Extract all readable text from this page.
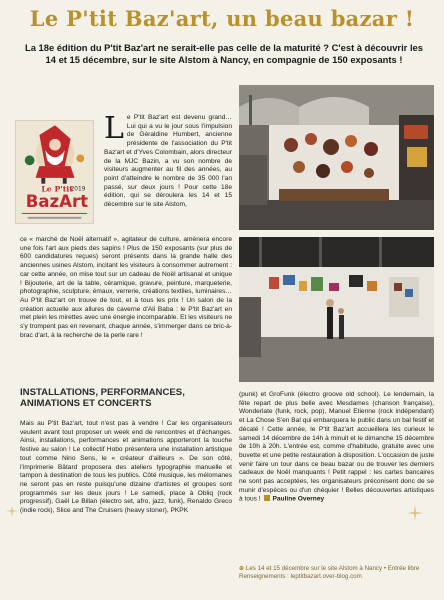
Le P'tit Baz'art, un beau bazar !

La 18e édition du P'tit Baz'art ne serait-elle pas celle de la maturité ? C'est à découvrir les 14 et 15 décembre, sur le site Alstom à Nancy, en compagnie de 150 exposants !

Le P'tit
BazArt
2019
Le P'tit Baz'art est devenu grand… Lui qui a vu le jour sous l'impulsion de Géraldine Humbert, ancienne présidente de l'association du P'tit Baz'art et d'Yves Colombain, alors directeur de la MJC Bazin, a vu son nombre de visiteurs augmenter au fil des années, au point d'atteindre le nombre de 35 000 l'an passé, sur deux jours ! Pour cette 18e édition, qui se déroulera les 14 et 15 décembre sur le site Alstom,

ce « marché de Noël alternatif », agitateur de culture, amènera encore une fois l'art aux pieds des sapins ! Plus de 150 exposants (sur plus de 600 candidatures reçues) seront présents dans la grande halle des anciennes usines Alstom, incitant les visiteurs à consommer autrement : car cette année, on mise tout sur un cadeau de Noël artisanal et unique ! Bijouterie, art de la table, céramique, gravure, peinture, marqueterie, photographie, sculpture, émaux, verrerie, créations textiles, luminaires… Au P'tit Baz'art on trouve de tout, et à tous les prix ! Un salon de la création actuelle aux allures de caverne d'Ali Baba : le P'tit Baz'art en met plein les mirettes avec une énergie incomparable. Et les visiteurs ne s'y trompent pas en revenant, chaque année, s'immerger dans ce bric-à-brac d'art, à la recherche de la perle rare !

INSTALLATIONS, PERFORMANCES, ANIMATIONS ET CONCERTS

Mais au P'tit Baz'art, tout n'est pas à vendre ! Car les organisateurs veulent avant tout proposer un week end de rencontres et d'échanges. Ainsi, installations, performances et animations apporteront la touche festive au salon ! Le collectif Hobo présentera une installation artistique tout comme Nino Sens, le « créateur d'ailleurs ». De son côté, l'imprimerie Bâtard proposera des ateliers typographie manuelle et tampon à destination de tous les publics. Côté musique, les mélomanes ne seront pas en reste puisqu'une dizaine d'artistes et groupes sont programmés sur les deux jours ! Le samedi, place à Obliq (rock progressif), Gaël Le Billan (électro set, afro, jazz, funk), Renaldo Greco (indie rock), Slice and The Cruisers (heavy stoner), PKPK

(punk) et GroFunk (électro groove old school). Le lendemain, la fête repart de plus belle avec Mesdames (chanson française), Wonderlate (funk, rock, pop), Manuel Etienne (rock indépendant) et La Chose S'en Bal qui embarquera le public dans un bal festif et décalé ! Cette année, le P'tit Baz'art accueillera les curieux le samedi 14 décembre de 14h à minuit et le dimanche 15 décembre de 10h à 20h. L'entrée est, comme d'habitude, gratuite avec une buvette et une petite restauration à disposition. L'occasion de juste venir faire un tour dans ce beau bazar ou de trouver les derniers cadeaux de Noël manquants ! Petit rappel : les cartes bancaires ne sont pas acceptées, les organisateurs préconisent donc de se munir d'espèces ou d'un chéquier ! Belles découvertes artistiques à tous ! Pauline Overney
⊕ Les 14 et 15 décembre sur le site Alstom à Nancy • Entrée libre
Renseignements : leptitbazart.over-blog.com
